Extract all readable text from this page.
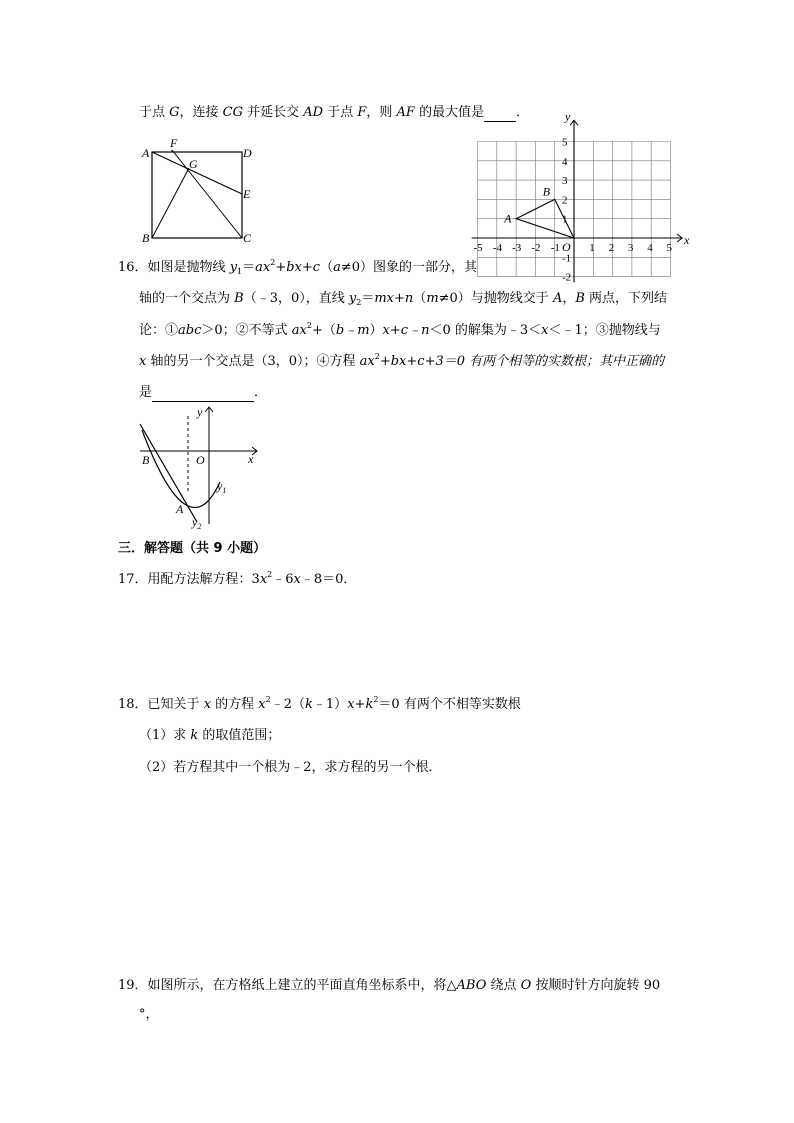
于点 G，连接 CG 并延长交 AD 于点 F，则 AF 的最大值是 ．
A
F
G
D
E
B	C
-5 -4 -3 -2 -1	1 2 3 4 5
5
4
3
2
1
-1
-2
x
y
O
A
B
16．如图是抛物线 $y_1=ax^2+bx+c(a\ne 0)$图象的一部分，其
轴的一个交点为 B（﹣3，0），直线 $y_2=mx+n(m\ne 0)$与抛物线交于 A，B 两点，下列结
论：①abc＞0；②不等式 $ax^2+(b﹣m)x+c﹣n<0$ 的解集为﹣3＜x＜﹣1；③抛物线与
x 轴的另一个交点是（3，0）；④方程 $ax^2+bx+c+3=0$ 有两个相等的实数根；其中正确的
是	．
y
x
O
B
A
$y_1$
$y_2$
三．解答题（共 9 小题）
17．用配方法解方程：$3x^2﹣6x﹣8=0$．
18．已知关于 x 的方程 $x^2﹣2(k﹣1)x+k^2=0$ 有两个不相等实数根
（1）求 k 的取值范围；
（2）若方程其中一个根为﹣2，求方程的另一个根．
19．如图所示，在方格纸上建立的平面直角坐标系中，将△ABO 绕点 O 按顺时针方向旋转 90
°，
